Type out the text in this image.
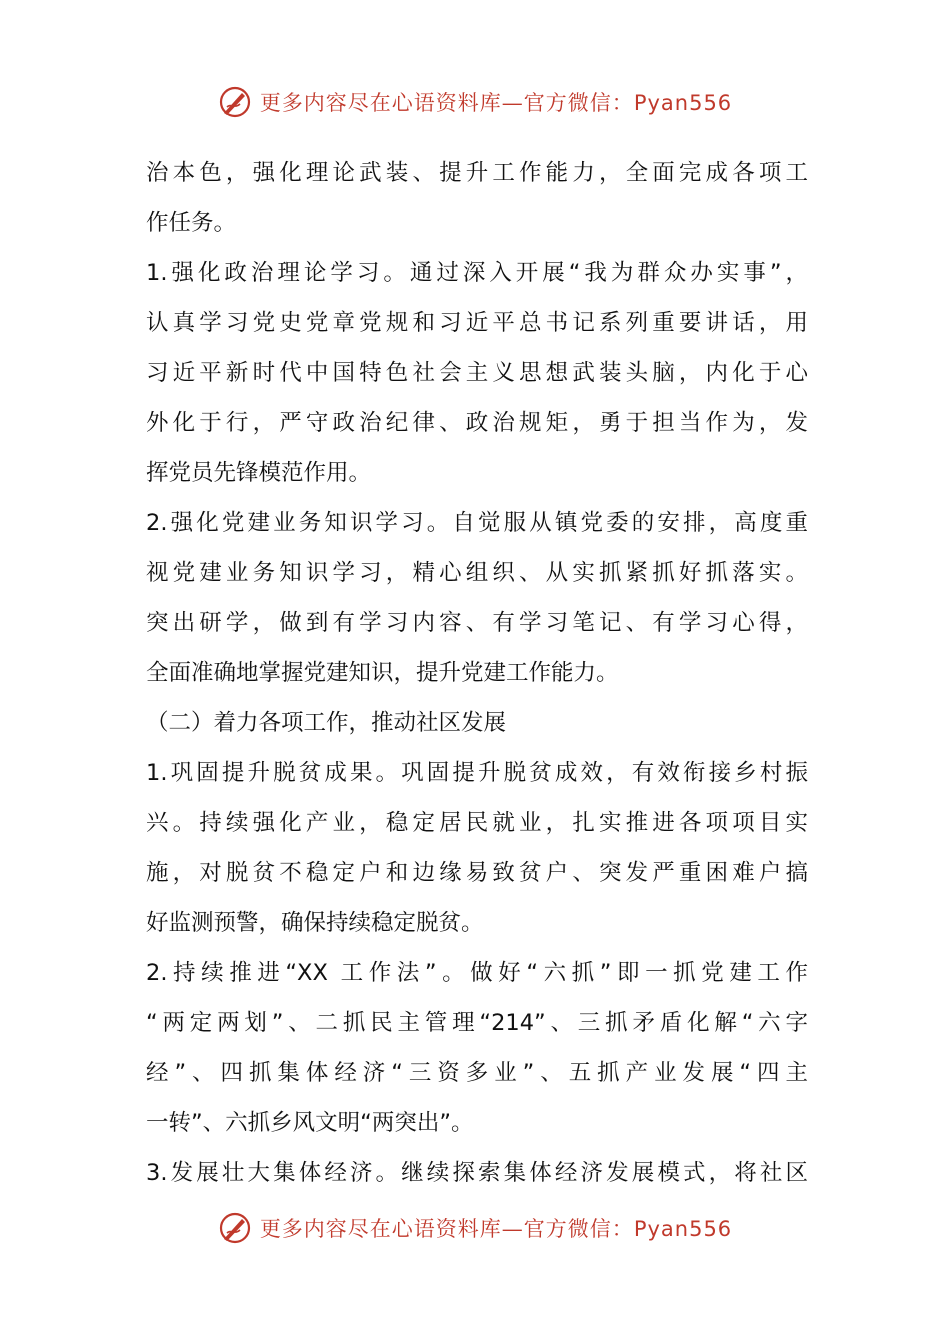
更多内容尽在心语资料库—官方微信：Pyan556
治本色，强化理论武装、提升工作能力，全面完成各项工
作任务。
1.强化政治理论学习。通过深入开展“我为群众办实事”，
认真学习党史党章党规和习近平总书记系列重要讲话，用
习近平新时代中国特色社会主义思想武装头脑，内化于心
外化于行，严守政治纪律、政治规矩，勇于担当作为，发
挥党员先锋模范作用。
2.强化党建业务知识学习。自觉服从镇党委的安排，高度重
视党建业务知识学习，精心组织、从实抓紧抓好抓落实。
突出研学，做到有学习内容、有学习笔记、有学习心得，
全面准确地掌握党建知识，提升党建工作能力。
（二）着力各项工作，推动社区发展
1.巩固提升脱贫成果。巩固提升脱贫成效，有效衔接乡村振
兴。持续强化产业，稳定居民就业，扎实推进各项项目实
施，对脱贫不稳定户和边缘易致贫户、突发严重困难户搞
好监测预警，确保持续稳定脱贫。
2.持续推进“XX 工作法”。做好“六抓”即一抓党建工作
“两定两划”、二抓民主管理“214”、三抓矛盾化解“六字
经”、四抓集体经济“三资多业”、五抓产业发展“四主
一转”、六抓乡风文明“两突出”。
3.发展壮大集体经济。继续探索集体经济发展模式，将社区
更多内容尽在心语资料库—官方微信：Pyan556
